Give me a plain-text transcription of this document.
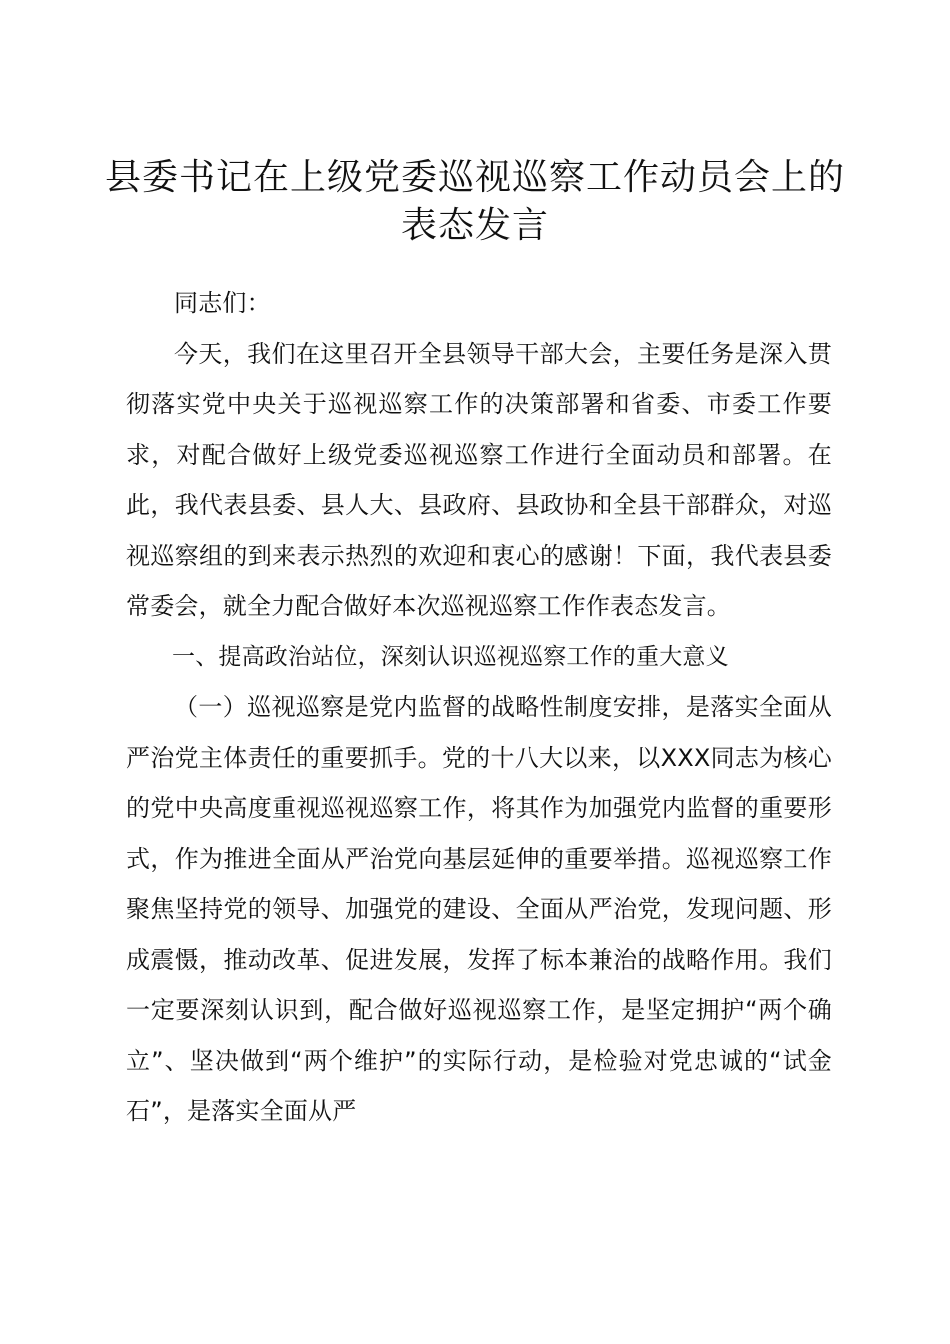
县委书记在上级党委巡视巡察工作动员会上的
表态发言

同志们：

今天，我们在这里召开全县领导干部大会，主要任务是深入贯彻落实党中央关于巡视巡察工作的决策部署和省委、市委工作要求，对配合做好上级党委巡视巡察工作进行全面动员和部署。在此，我代表县委、县人大、县政府、县政协和全县干部群众，对巡视巡察组的到来表示热烈的欢迎和衷心的感谢！下面，我代表县委常委会，就全力配合做好本次巡视巡察工作作表态发言。

一、提高政治站位，深刻认识巡视巡察工作的重大意义

（一）巡视巡察是党内监督的战略性制度安排，是落实全面从严治党主体责任的重要抓手。党的十八大以来，以XXX同志为核心的党中央高度重视巡视巡察工作，将其作为加强党内监督的重要形式，作为推进全面从严治党向基层延伸的重要举措。巡视巡察工作聚焦坚持党的领导、加强党的建设、全面从严治党，发现问题、形成震慑，推动改革、促进发展，发挥了标本兼治的战略作用。我们一定要深刻认识到，配合做好巡视巡察工作，是坚定拥护“两个确立”、坚决做到“两个维护”的实际行动，是检验对党忠诚的“试金石”，是落实全面从严
